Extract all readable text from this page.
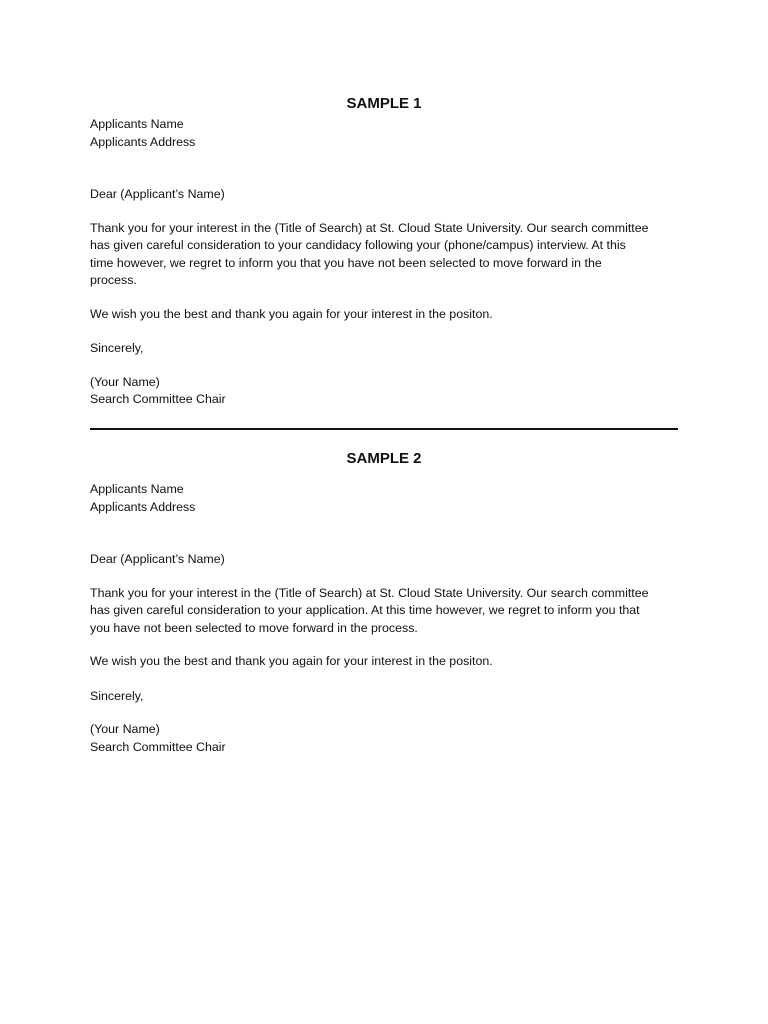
SAMPLE 1
Applicants Name
Applicants Address
Dear (Applicant’s Name)
Thank you for your interest in the (Title of Search) at St. Cloud State University. Our search committee
has given careful consideration to your candidacy following your (phone/campus) interview. At this
time however, we regret to inform you that you have not been selected to move forward in the
process.
We wish you the best and thank you again for your interest in the positon.
Sincerely,
(Your Name)
Search Committee Chair
SAMPLE 2
Applicants Name
Applicants Address
Dear (Applicant’s Name)
Thank you for your interest in the (Title of Search) at St. Cloud State University. Our search committee
has given careful consideration to your application. At this time however, we regret to inform you that
you have not been selected to move forward in the process.
We wish you the best and thank you again for your interest in the positon.
Sincerely,
(Your Name)
Search Committee Chair
